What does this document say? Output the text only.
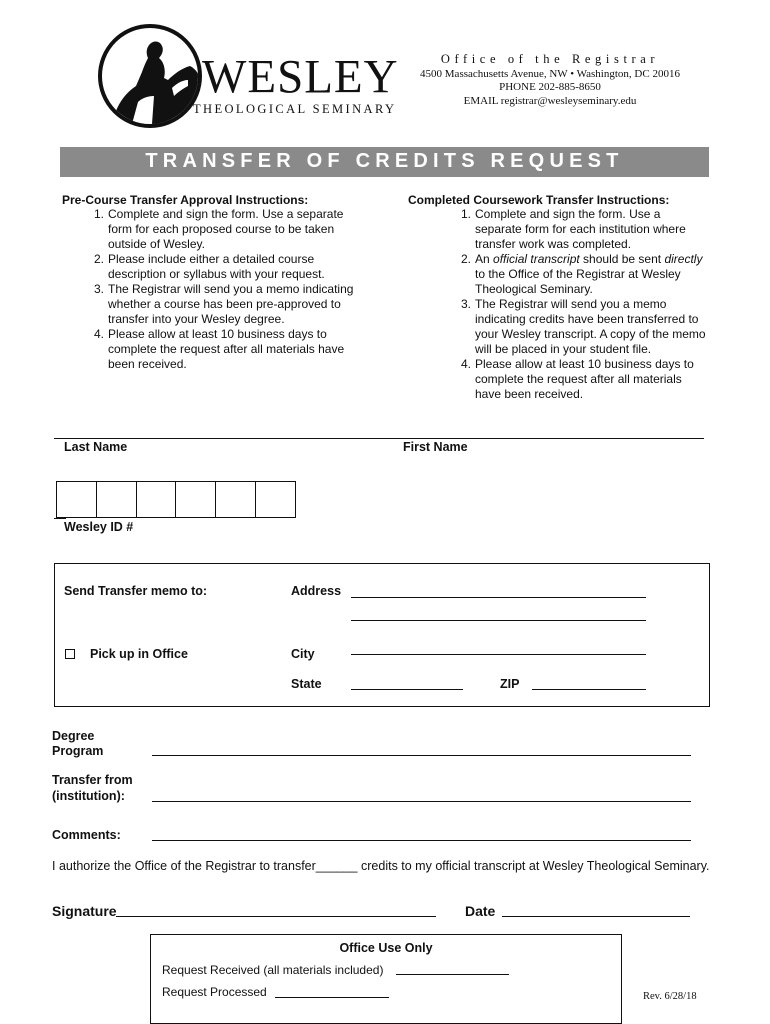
WESLEY
THEOLOGICAL SEMINARY
Office of the Registrar
4500 Massachusetts Avenue, NW • Washington, DC 20016
PHONE 202-885-8650
EMAIL registrar@wesleyseminary.edu
TRANSFER OF CREDITS REQUEST
Pre-Course Transfer Approval Instructions:
1. Complete and sign the form. Use a separate form for each proposed course to be taken outside of Wesley.
2. Please include either a detailed course description or syllabus with your request.
3. The Registrar will send you a memo indicating whether a course has been pre-approved to transfer into your Wesley degree.
4. Please allow at least 10 business days to complete the request after all materials have been received.
Completed Coursework Transfer Instructions:
1. Complete and sign the form. Use a separate form for each institution where transfer work was completed.
2. An official transcript should be sent directly to the Office of the Registrar at Wesley Theological Seminary.
3. The Registrar will send you a memo indicating credits have been transferred to your Wesley transcript. A copy of the memo will be placed in your student file.
4. Please allow at least 10 business days to complete the request after all materials have been received.
Last Name	First Name
Wesley ID #
Send Transfer memo to:
Pick up in Office
Address
City
State	ZIP
Degree
Program
Transfer from
(institution):
Comments:
I authorize the Office of the Registrar to transfer______ credits to my official transcript at Wesley Theological Seminary.
Signature	Date
Office Use Only
Request Received (all materials included)
Request Processed	Rev. 6/28/18
